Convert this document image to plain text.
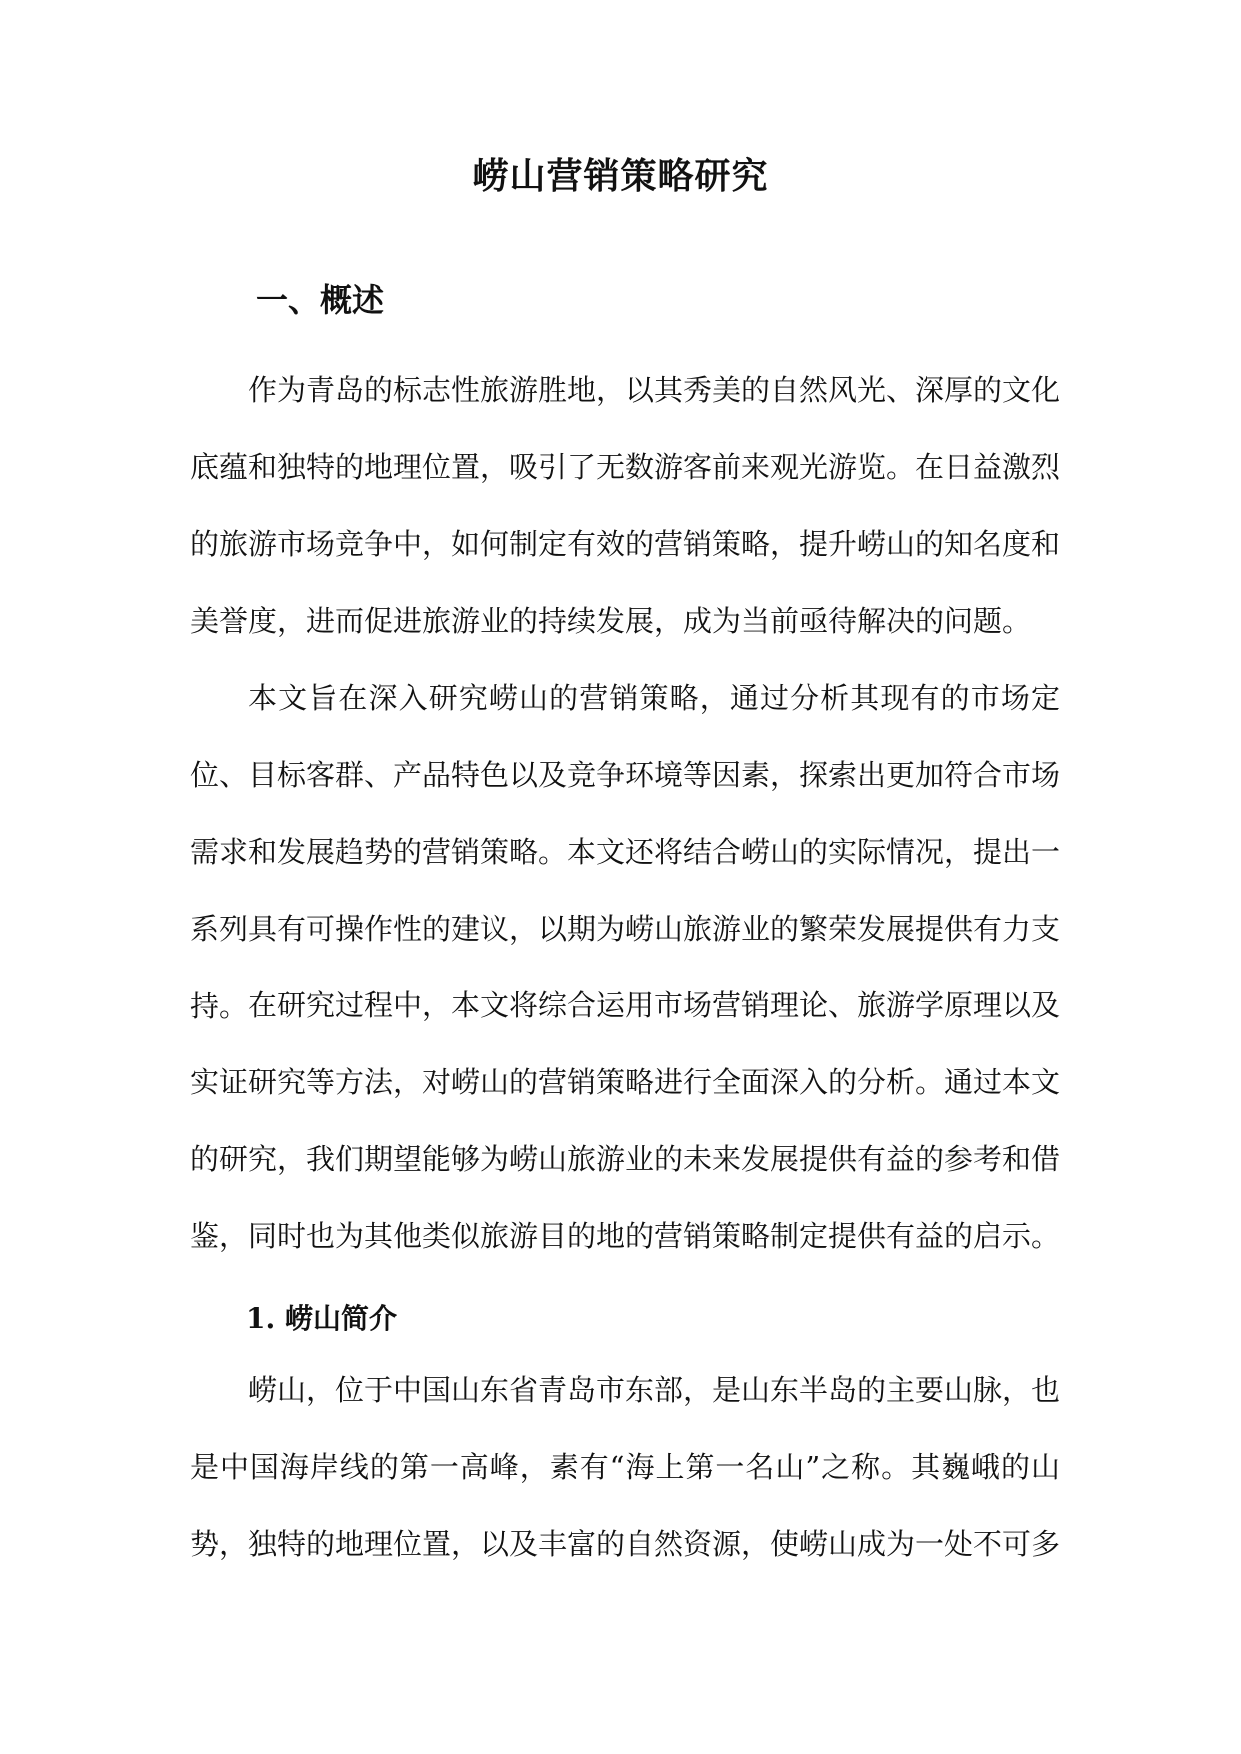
崂山营销策略研究
一、概述

作为青岛的标志性旅游胜地，以其秀美的自然风光、深厚的文化底蕴和独特的地理位置，吸引了无数游客前来观光游览。在日益激烈的旅游市场竞争中，如何制定有效的营销策略，提升崂山的知名度和美誉度，进而促进旅游业的持续发展，成为当前亟待解决的问题。

本文旨在深入研究崂山的营销策略，通过分析其现有的市场定位、目标客群、产品特色以及竞争环境等因素，探索出更加符合市场需求和发展趋势的营销策略。本文还将结合崂山的实际情况，提出一系列具有可操作性的建议，以期为崂山旅游业的繁荣发展提供有力支持。 在研究过程中，本文将综合运用市场营销理论、旅游学原理以及实证研究等方法，对崂山的营销策略进行全面深入的分析。通过本文的研究，我们期望能够为崂山旅游业的未来发展提供有益的参考和借鉴，同时也为其他类似旅游目的地的营销策略制定提供有益的启示。

1. 崂山简介

崂山，位于中国山东省青岛市东部，是山东半岛的主要山脉，也是中国海岸线的第一高峰，素有“海上第一名山”之称。其巍峨的山势，独特的地理位置，以及丰富的自然资源，使崂山成为一处不可多
